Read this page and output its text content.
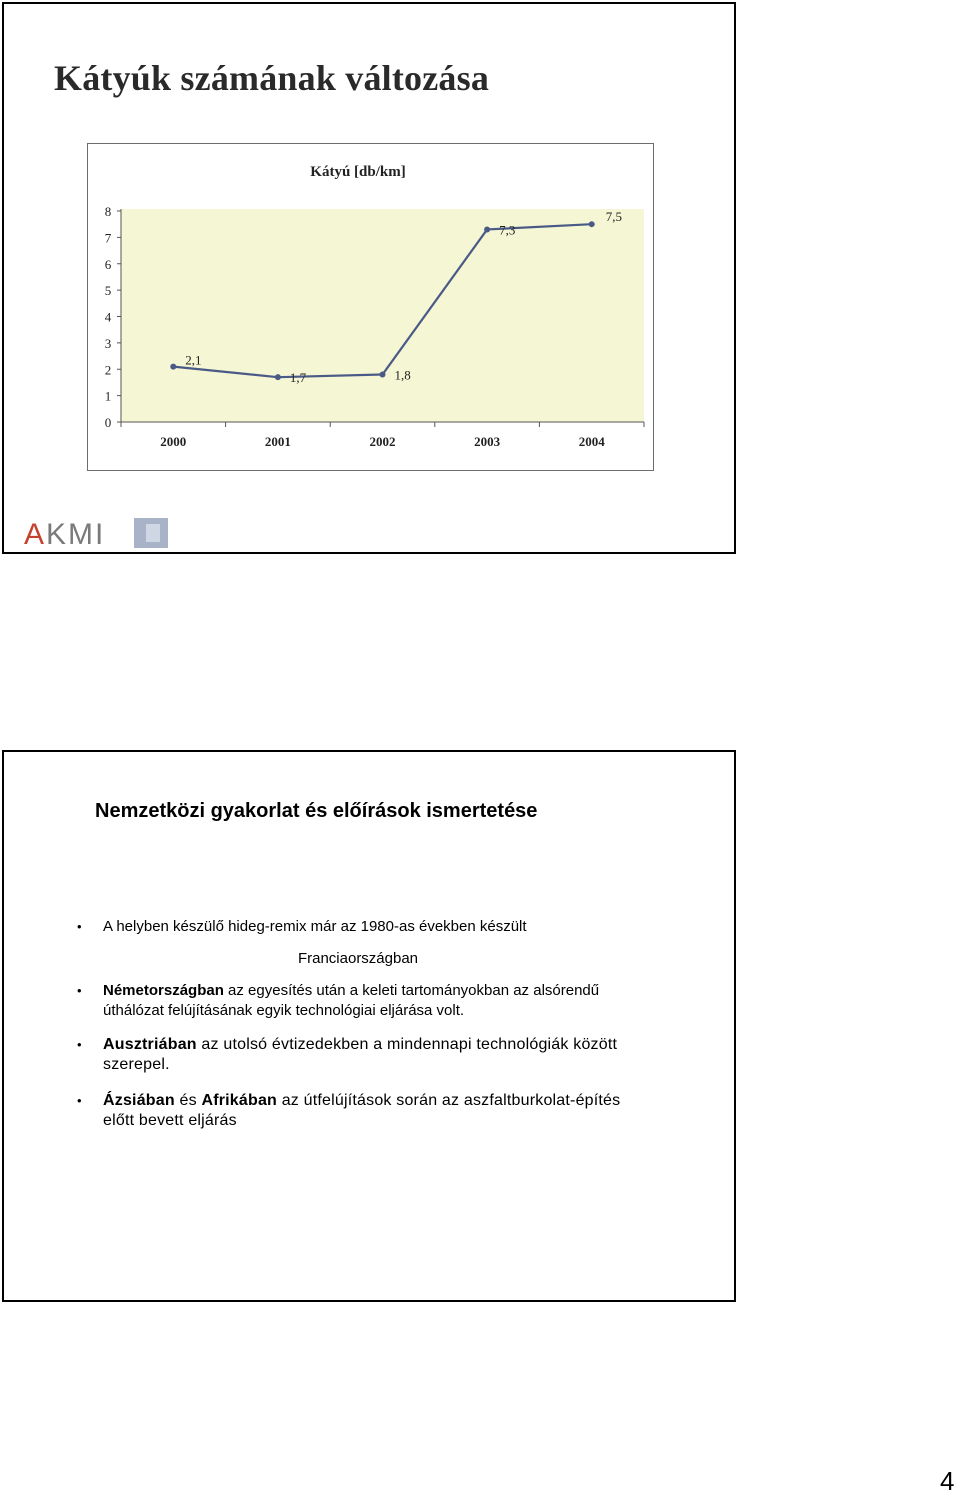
Kátyúk számának változása
Kátyú [db/km]
0
1
2
3
4
5
6
7
8
2000	2001	2002	2003	2004
2,1
1,7	1,8
7,3
7,5
AKMI
Nemzetközi gyakorlat és előírások ismertetése
• A helyben készülő hideg-remix már az 1980-as években készült
Franciaországban
• Németországban az egyesítés után a keleti tartományokban az alsórendű úthálózat felújításának egyik technológiai eljárása volt.
• Ausztriában az utolsó évtizedekben a mindennapi technológiák között szerepel.
• Ázsiában és Afrikában az útfelújítások során az aszfaltburkolat-építés előtt bevett eljárás
4
